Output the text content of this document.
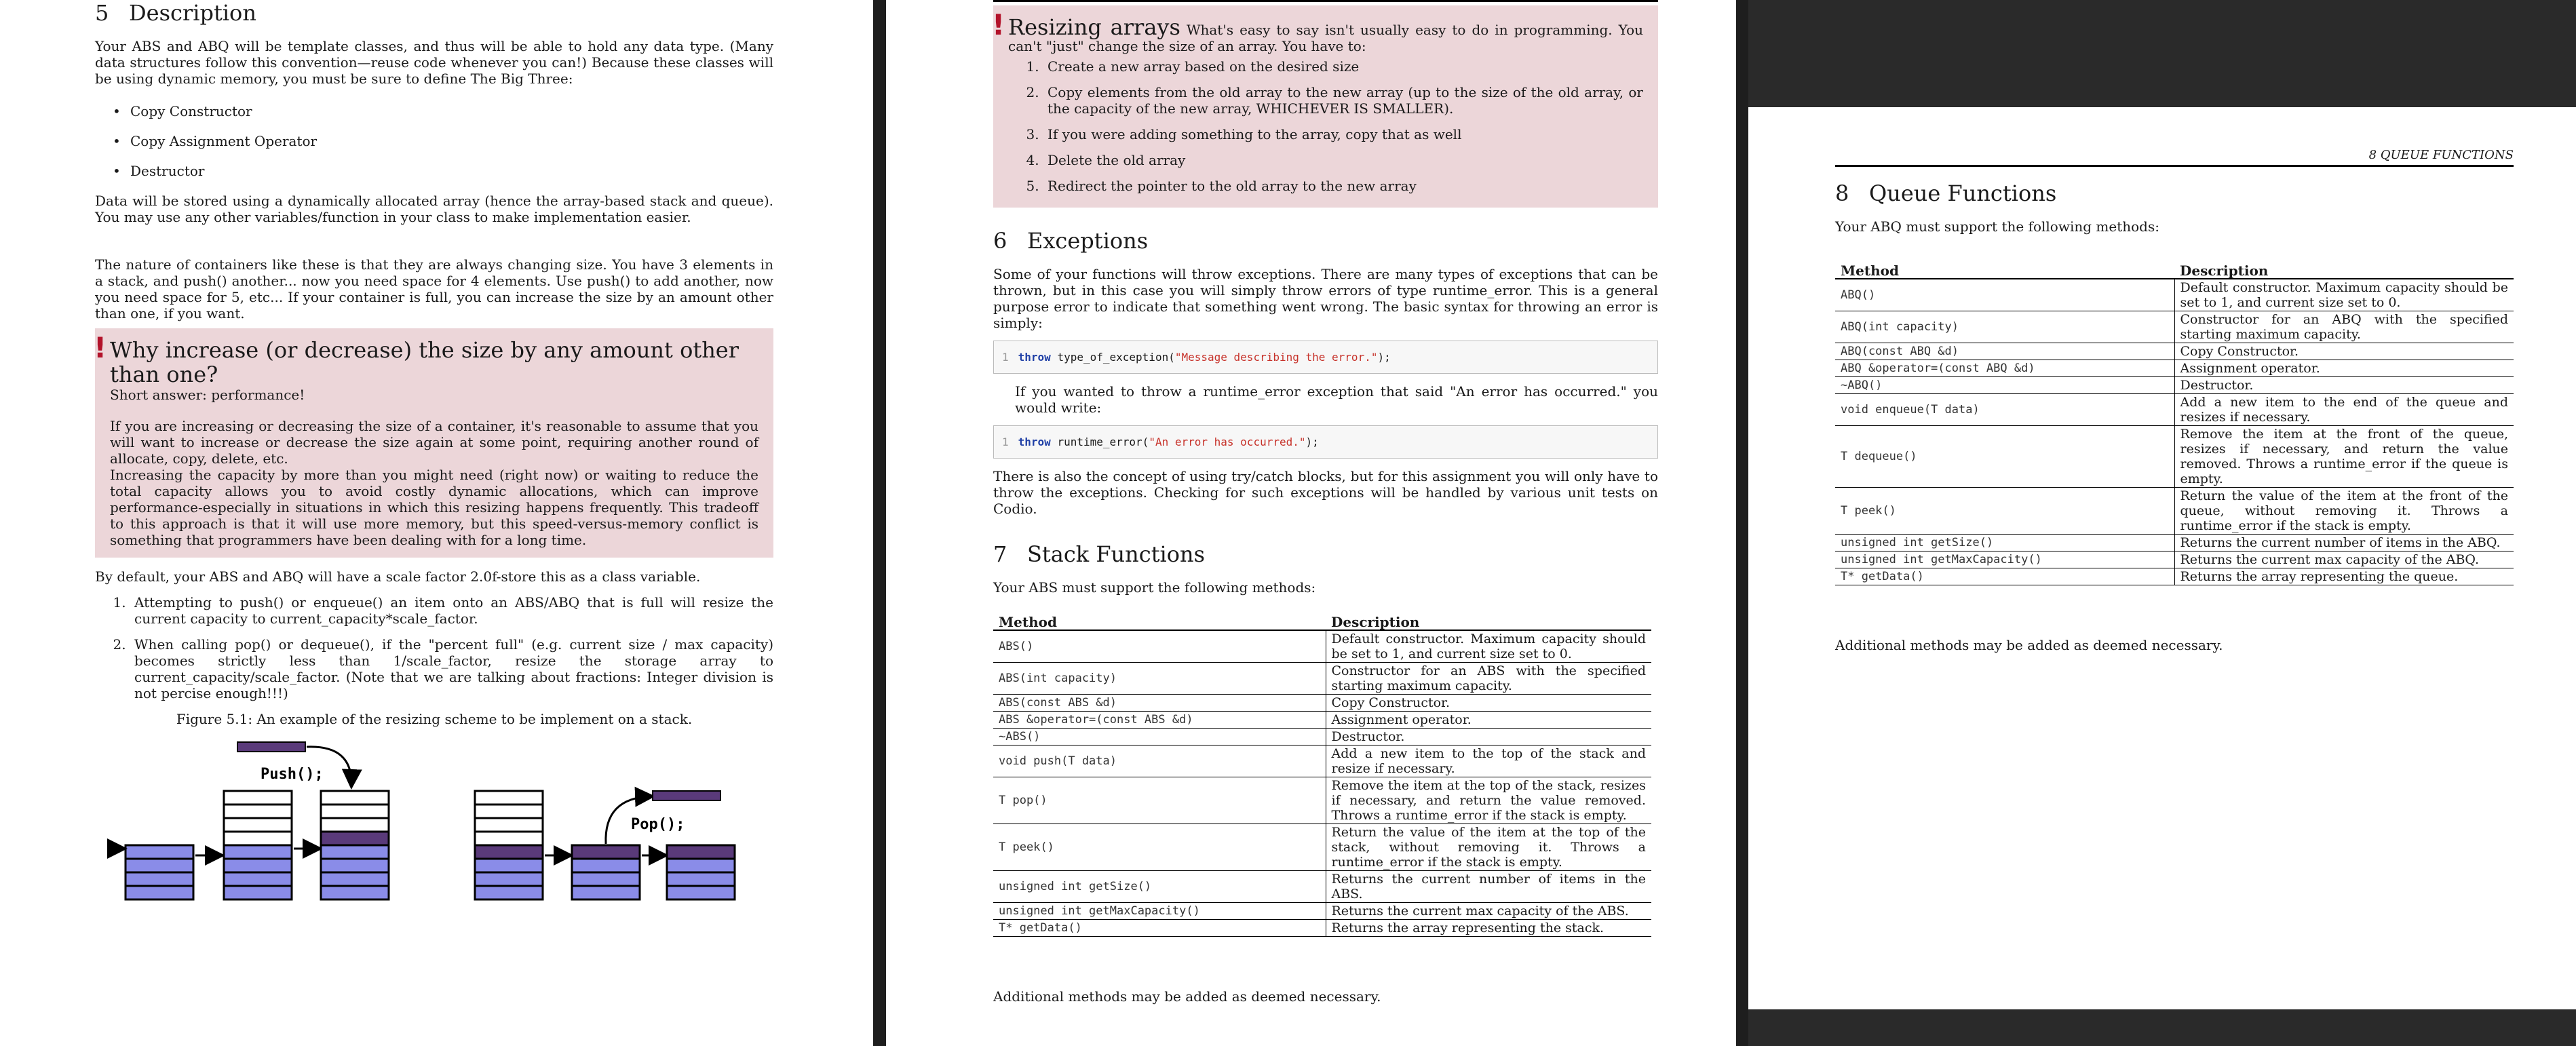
5 Description

Your ABS and ABQ will be template classes, and thus will be able to hold any data type. (Many data structures follow this convention—reuse code whenever you can!) Because these classes will be using dynamic memory, you must be sure to define The Big Three:

• Copy Constructor
• Copy Assignment Operator
• Destructor

Data will be stored using a dynamically allocated array (hence the array-based stack and queue). You may use any other variables/function in your class to make implementation easier.

The nature of containers like these is that they are always changing size. You have 3 elements in a stack, and push() another... now you need space for 4 elements. Use push() to add another, now you need space for 5, etc... If your container is full, you can increase the size by an amount other than one, if you want.

! Why increase (or decrease) the size by any amount other than one?

Short answer: performance!

If you are increasing or decreasing the size of a container, it's reasonable to assume that you will want to increase or decrease the size again at some point, requiring another round of allocate, copy, delete, etc.

Increasing the capacity by more than you might need (right now) or waiting to reduce the total capacity allows you to avoid costly dynamic allocations, which can improve performance-especially in situations in which this resizing happens frequently. This tradeoff to this approach is that it will use more memory, but this speed-versus-memory conflict is something that programmers have been dealing with for a long time.

By default, your ABS and ABQ will have a scale factor 2.0f-store this as a class variable.

1. Attempting to push() or enqueue() an item onto an ABS/ABQ that is full will resize the current capacity to current_capacity*scale_factor.
2. When calling pop() or dequeue(), if the "percent full" (e.g. current size / max capacity) becomes strictly less than 1/scale_factor, resize the storage array to current_capacity/scale_factor. (Note that we are talking about fractions: Integer division is not percise enough!!!)
Figure 5.1: An example of the resizing scheme to be implement on a stack.
Push();
Pop();
! Resizing arrays What's easy to say isn't usually easy to do in programming. You can't "just" change the size of an array. You have to:

1. Create a new array based on the desired size
2. Copy elements from the old array to the new array (up to the size of the old array, or the capacity of the new array, WHICHEVER IS SMALLER).
3. If you were adding something to the array, copy that as well
4. Delete the old array
5. Redirect the pointer to the old array to the new array
6 Exceptions

Some of your functions will throw exceptions. There are many types of exceptions that can be thrown, but in this case you will simply throw errors of type runtime_error. This is a general purpose error to indicate that something went wrong. The basic syntax for throwing an error is simply:

1 throw type_of_exception("Message describing the error.");

If you wanted to throw a runtime_error exception that said "An error has occurred." you would write:

1 throw runtime_error("An error has occurred.");

There is also the concept of using try/catch blocks, but for this assignment you will only have to throw the exceptions. Checking for such exceptions will be handled by various unit tests on Codio.

7 Stack Functions

Your ABS must support the following methods:

Method	Description
ABS()	Default constructor. Maximum capacity should be set to 1, and current size set to 0.
ABS(int capacity)	Constructor for an ABS with the specified starting maximum capacity.
ABS(const ABS &d)	Copy Constructor.
ABS &operator=(const ABS &d)	Assignment operator.
~ABS()	Destructor.
void push(T data)	Add a new item to the top of the stack and resize if necessary.
T pop()	Remove the item at the top of the stack, resizes if necessary, and return the value removed. Throws a runtime_error if the stack is empty.
T peek()	Return the value of the item at the top of the stack, without removing it. Throws a runtime_error if the stack is empty.
unsigned int getSize()	Returns the current number of items in the ABS.
unsigned int getMaxCapacity()	Returns the current max capacity of the ABS.
T* getData()	Returns the array representing the stack.

Additional methods may be added as deemed necessary.

8 QUEUE FUNCTIONS
8 Queue Functions

Your ABQ must support the following methods:

Method	Description
ABQ()	Default constructor. Maximum capacity should be set to 1, and current size set to 0.
ABQ(int capacity)	Constructor for an ABQ with the specified starting maximum capacity.
ABQ(const ABQ &d)	Copy Constructor.
ABQ &operator=(const ABQ &d)	Assignment operator.
~ABQ()	Destructor.
void enqueue(T data)	Add a new item to the end of the queue and resizes if necessary.
T dequeue()	Remove the item at the front of the queue, resizes if necessary, and return the value removed. Throws a runtime_error if the queue is empty.
T peek()	Return the value of the item at the front of the queue, without removing it. Throws a runtime_error if the stack is empty.
unsigned int getSize()	Returns the current number of items in the ABQ.
unsigned int getMaxCapacity()	Returns the current max capacity of the ABQ.
T* getData()	Returns the array representing the queue.

Additional methods may be added as deemed necessary.
